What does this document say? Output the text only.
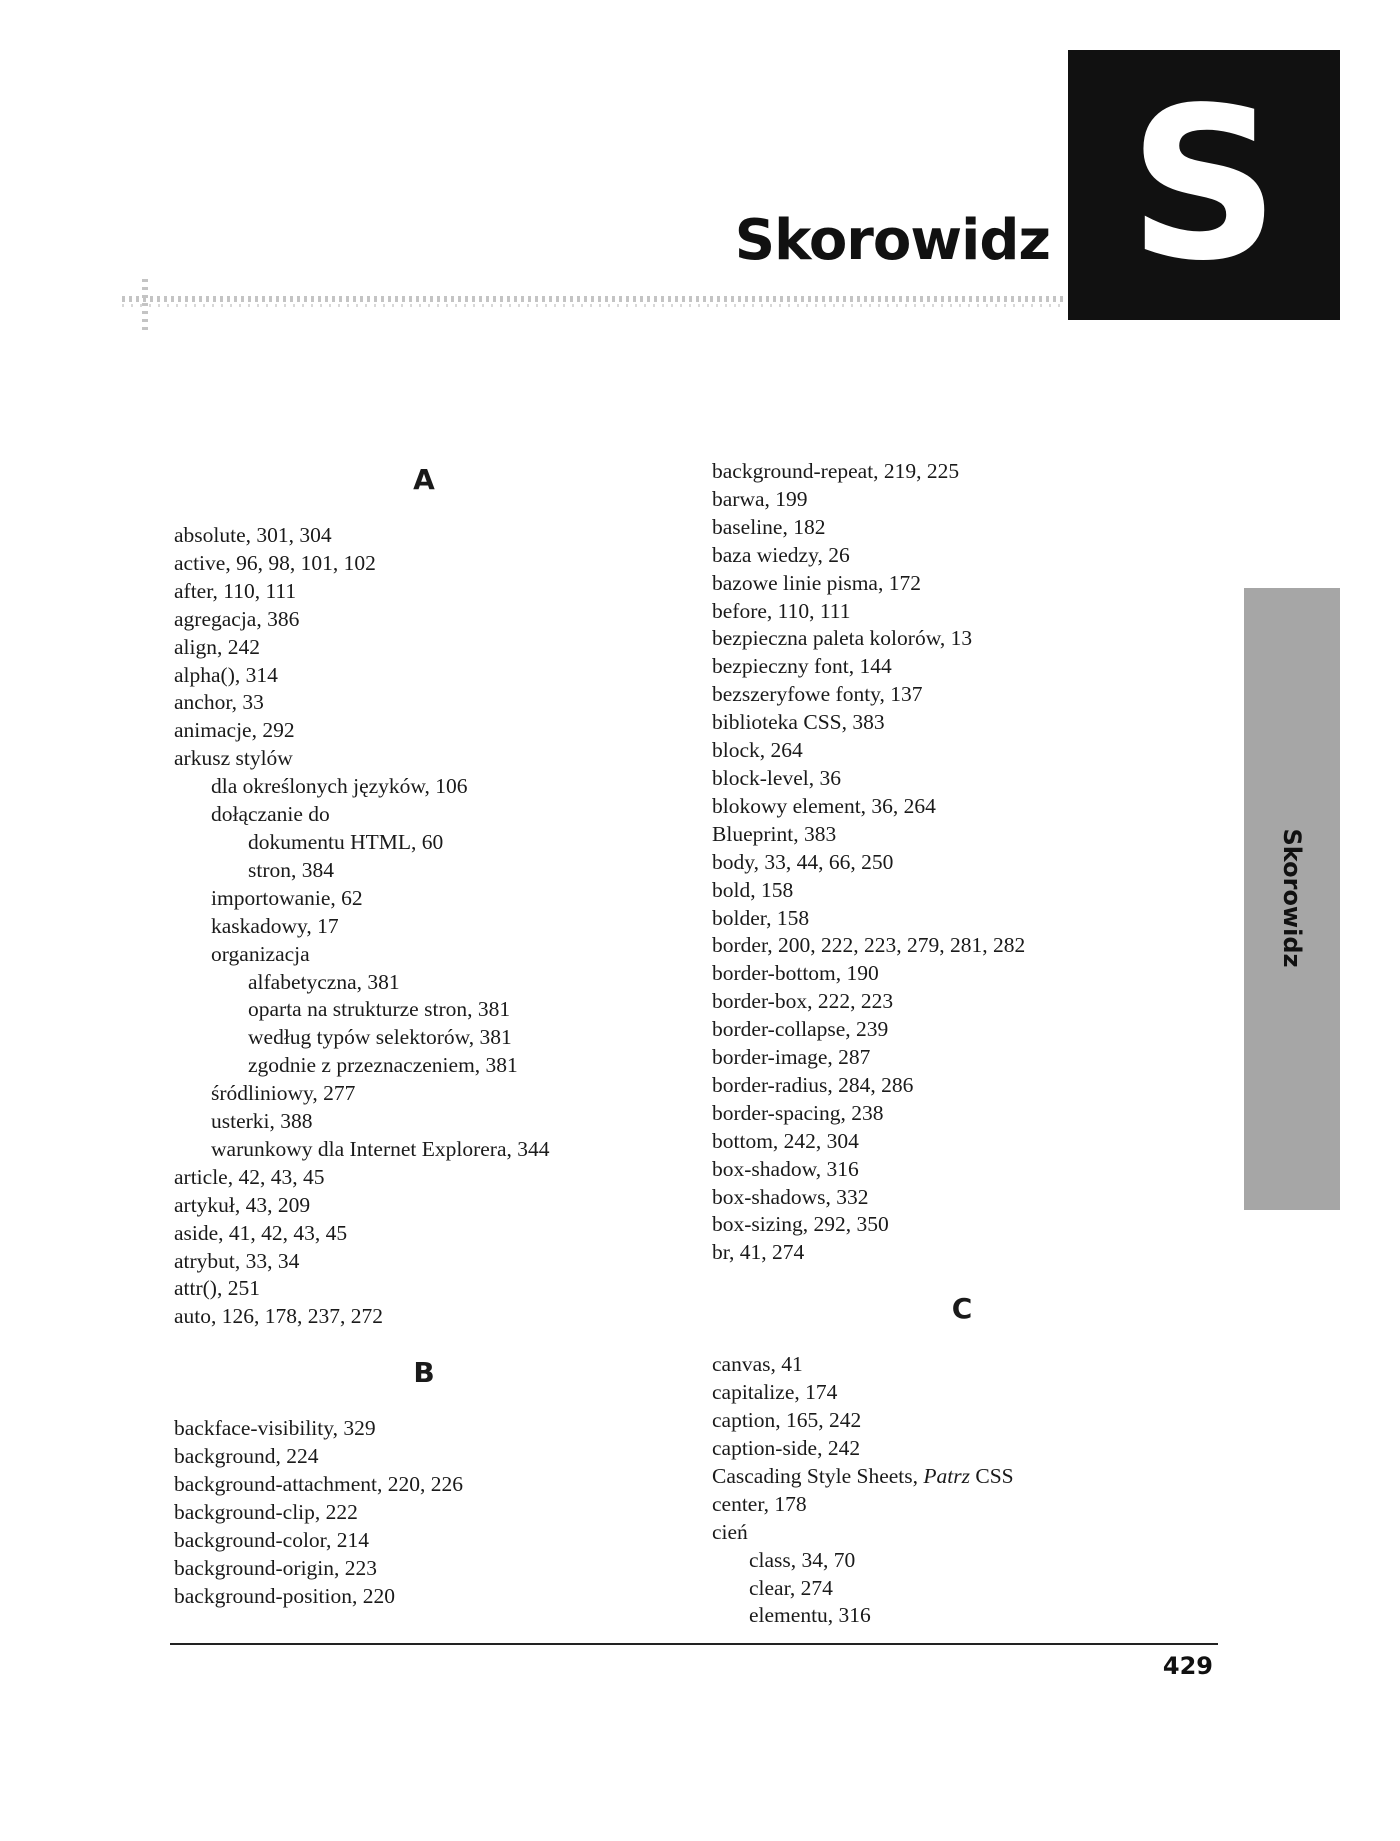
S
Skorowidz
Skorowidz
A
absolute, 301, 304
active, 96, 98, 101, 102
after, 110, 111
agregacja, 386
align, 242
alpha(), 314
anchor, 33
animacje, 292
arkusz stylów
dla określonych języków, 106
dołączanie do
dokumentu HTML, 60
stron, 384
importowanie, 62
kaskadowy, 17
organizacja
alfabetyczna, 381
oparta na strukturze stron, 381
według typów selektorów, 381
zgodnie z przeznaczeniem, 381
śródliniowy, 277
usterki, 388
warunkowy dla Internet Explorera, 344
article, 42, 43, 45
artykuł, 43, 209
aside, 41, 42, 43, 45
atrybut, 33, 34
attr(), 251
auto, 126, 178, 237, 272
B
backface-visibility, 329
background, 224
background-attachment, 220, 226
background-clip, 222
background-color, 214
background-origin, 223
background-position, 220
background-repeat, 219, 225
barwa, 199
baseline, 182
baza wiedzy, 26
bazowe linie pisma, 172
before, 110, 111
bezpieczna paleta kolorów, 13
bezpieczny font, 144
bezszeryfowe fonty, 137
biblioteka CSS, 383
block, 264
block-level, 36
blokowy element, 36, 264
Blueprint, 383
body, 33, 44, 66, 250
bold, 158
bolder, 158
border, 200, 222, 223, 279, 281, 282
border-bottom, 190
border-box, 222, 223
border-collapse, 239
border-image, 287
border-radius, 284, 286
border-spacing, 238
bottom, 242, 304
box-shadow, 316
box-shadows, 332
box-sizing, 292, 350
br, 41, 274
C
canvas, 41
capitalize, 174
caption, 165, 242
caption-side, 242
Cascading Style Sheets, Patrz CSS
center, 178
cień
class, 34, 70
clear, 274
elementu, 316
429
